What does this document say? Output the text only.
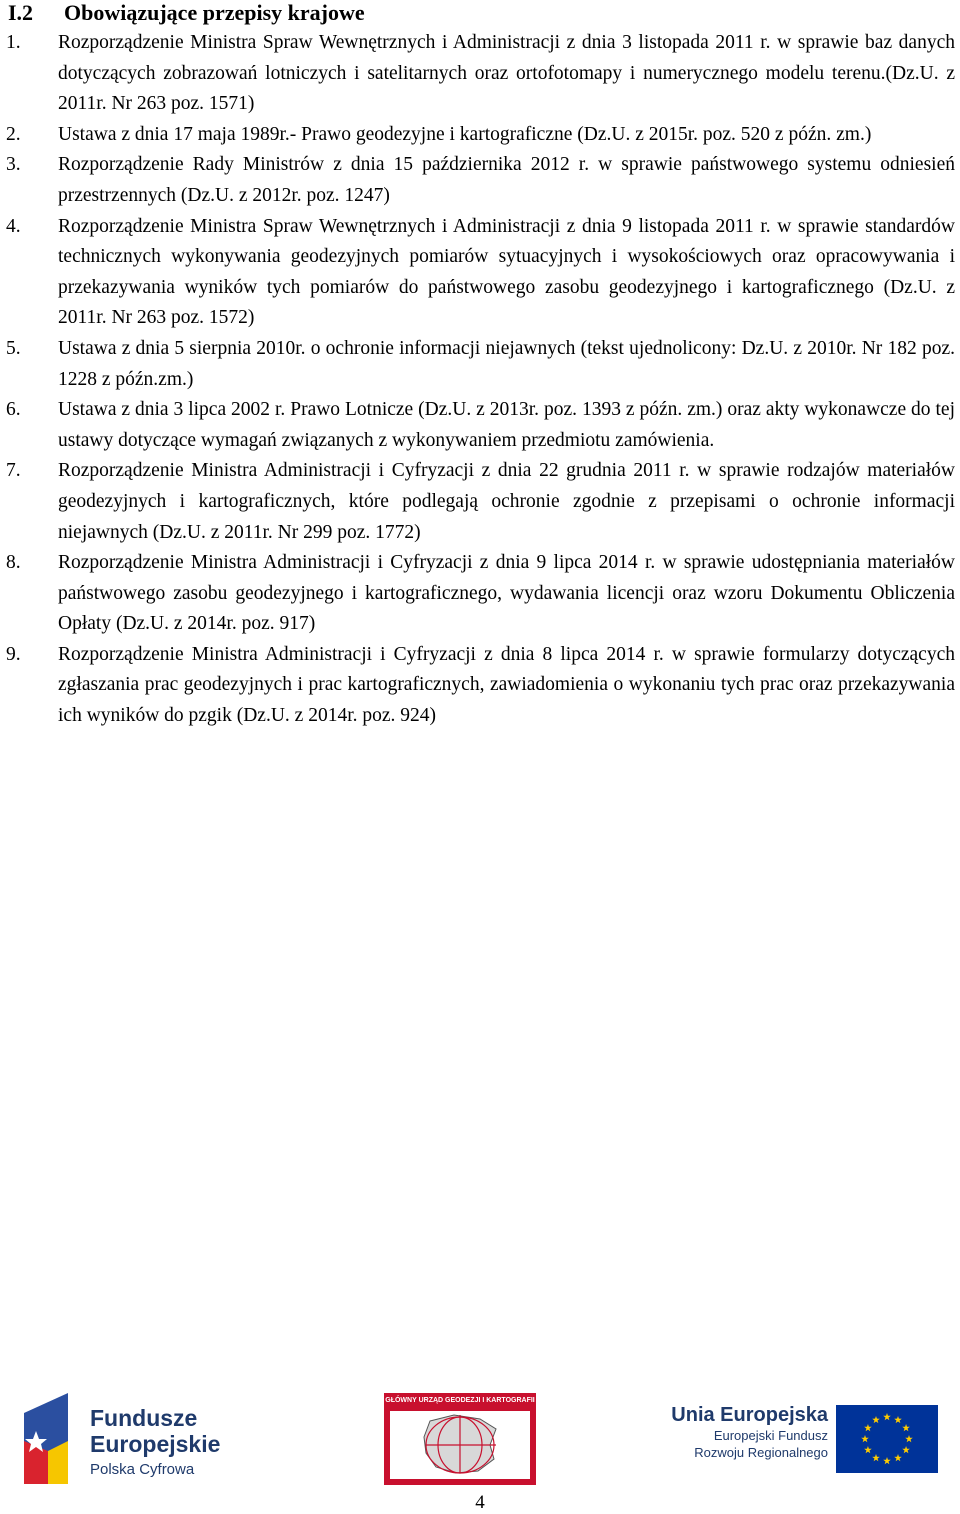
I.2 Obowiązujące przepisy krajowe
1. Rozporządzenie Ministra Spraw Wewnętrznych i Administracji z dnia 3 listopada 2011 r. w sprawie baz danych dotyczących zobrazowań lotniczych i satelitarnych oraz ortofotomapy i numerycznego modelu terenu.(Dz.U. z 2011r. Nr 263 poz. 1571)
2. Ustawa z dnia 17 maja 1989r.- Prawo geodezyjne i kartograficzne (Dz.U. z 2015r. poz. 520 z późn. zm.)
3. Rozporządzenie Rady Ministrów z dnia 15 października 2012 r. w sprawie państwowego systemu odniesień przestrzennych (Dz.U. z 2012r. poz. 1247)
4. Rozporządzenie Ministra Spraw Wewnętrznych i Administracji z dnia 9 listopada 2011 r. w sprawie standardów technicznych wykonywania geodezyjnych pomiarów sytuacyjnych i wysokościowych oraz opracowywania i przekazywania wyników tych pomiarów do państwowego zasobu geodezyjnego i kartograficznego (Dz.U. z 2011r. Nr 263 poz. 1572)
5. Ustawa z dnia 5 sierpnia 2010r. o ochronie informacji niejawnych (tekst ujednolicony: Dz.U. z 2010r. Nr 182 poz. 1228 z późn.zm.)
6. Ustawa z dnia 3 lipca 2002 r. Prawo Lotnicze (Dz.U. z 2013r. poz. 1393 z późn. zm.) oraz akty wykonawcze do tej ustawy dotyczące wymagań związanych z wykonywaniem przedmiotu zamówienia.
7. Rozporządzenie Ministra Administracji i Cyfryzacji z dnia 22 grudnia 2011 r. w sprawie rodzajów materiałów geodezyjnych i kartograficznych, które podlegają ochronie zgodnie z przepisami o ochronie informacji niejawnych (Dz.U. z 2011r. Nr 299 poz. 1772)
8. Rozporządzenie Ministra Administracji i Cyfryzacji z dnia 9 lipca 2014 r. w sprawie udostępniania materiałów państwowego zasobu geodezyjnego i kartograficznego, wydawania licencji oraz wzoru Dokumentu Obliczenia Opłaty (Dz.U. z 2014r. poz. 917)
9. Rozporządzenie Ministra Administracji i Cyfryzacji z dnia 8 lipca 2014 r. w sprawie formularzy dotyczących zgłaszania prac geodezyjnych i prac kartograficznych, zawiadomienia o wykonaniu tych prac oraz przekazywania ich wyników do pzgik (Dz.U. z 2014r. poz. 924)
Fundusze
Europejskie
Polska Cyfrowa
GŁÓWNY URZĄD GEODEZJI I KARTOGRAFII
Unia Europejska
Europejski Fundusz
Rozwoju Regionalnego
4
